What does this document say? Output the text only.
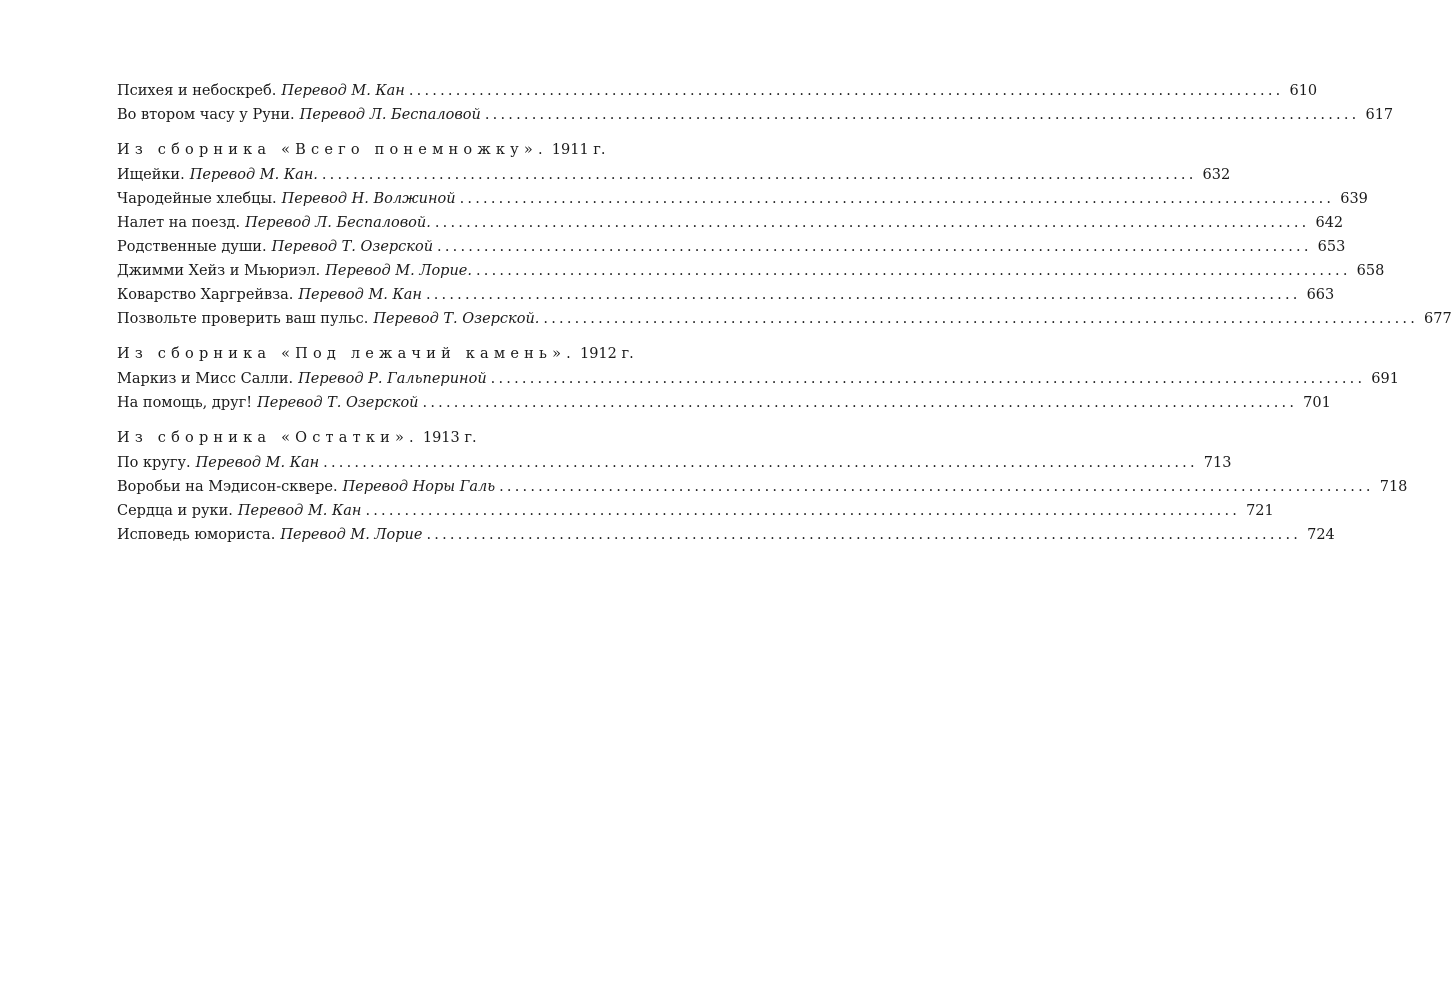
Психея и небоскреб. Перевод М. Кан ................................................................................................................ 610
Во втором часу у Руни. Перевод Л. Беспаловой ................................................................................................................ 617
Из сборника «Всего понемножку». 1911 г.
Ищейки. Перевод М. Кан. ................................................................................................................ 632
Чародейные хлебцы. Перевод Н. Волжиной ................................................................................................................ 639
Налет на поезд. Перевод Л. Беспаловой. ................................................................................................................ 642
Родственные души. Перевод Т. Озерской ................................................................................................................ 653
Джимми Хейз и Мьюриэл. Перевод М. Лорие. ................................................................................................................ 658
Коварство Харгрейвза. Перевод М. Кан ................................................................................................................ 663
Позвольте проверить ваш пульс. Перевод Т. Озерской. ................................................................................................................ 677
Из сборника «Под лежачий камень». 1912 г.
Маркиз и Мисс Салли. Перевод Р. Гальпериной ................................................................................................................ 691
На помощь, друг! Перевод Т. Озерской ................................................................................................................ 701
Из сборника «Остатки». 1913 г.
По кругу. Перевод М. Кан ................................................................................................................ 713
Воробьи на Мэдисон-сквере. Перевод Норы Галь ................................................................................................................ 718
Сердца и руки. Перевод М. Кан ................................................................................................................ 721
Исповедь юмориста. Перевод М. Лорие ................................................................................................................ 724
